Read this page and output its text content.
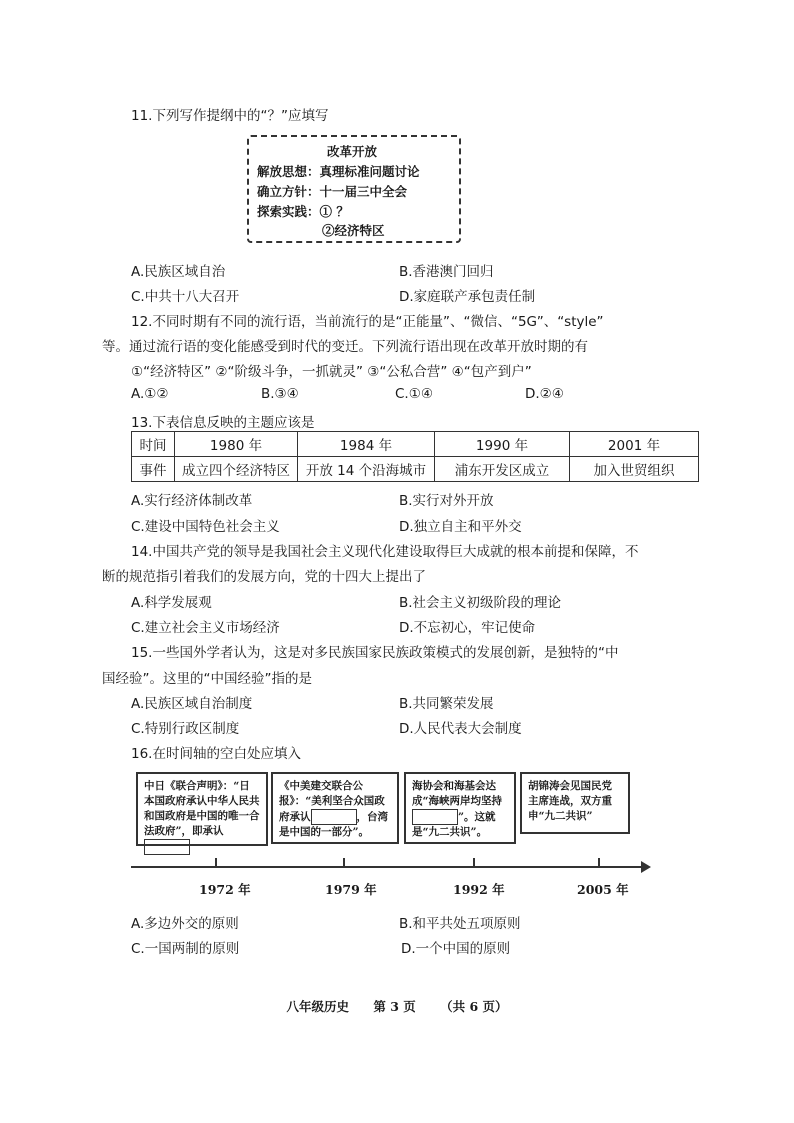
11.下列写作提纲中的“？”应填写
改革开放
解放思想：真理标准问题讨论
确立方针：十一届三中全会
探索实践：① ？
②经济特区
A.民族区域自治	B.香港澳门回归
C.中共十八大召开	D.家庭联产承包责任制
12.不同时期有不同的流行语，当前流行的是“正能量”、“微信、“5G”、“style”
等。通过流行语的变化能感受到时代的变迁。下列流行语出现在改革开放时期的有
①“经济特区” ②“阶级斗争，一抓就灵” ③“公私合营” ④“包产到户”
A.①②	B.③④	C.①④	D.②④
13.下表信息反映的主题应该是
时间	1980 年	1984 年	1990 年	2001 年
事件	成立四个经济特区	开放 14 个沿海城市	浦东开发区成立	加入世贸组织
A.实行经济体制改革	B.实行对外开放
C.建设中国特色社会主义	D.独立自主和平外交
14.中国共产党的领导是我国社会主义现代化建设取得巨大成就的根本前提和保障，不
断的规范指引着我们的发展方向，党的十四大上提出了
A.科学发展观	B.社会主义初级阶段的理论
C.建立社会主义市场经济	D.不忘初心，牢记使命
15.一些国外学者认为，这是对多民族国家民族政策模式的发展创新，是独特的“中
国经验”。这里的“中国经验”指的是
A.民族区域自治制度	B.共同繁荣发展
C.特别行政区制度	D.人民代表大会制度
16.在时间轴的空白处应填入
中日《联合声明》：“日本国政府承认中华人民共和国政府是中国的唯一合法政府”，即承认
《中美建交联合公报》：“美利坚合众国政府承认	，台湾是中国的一部分”。
海协会和海基会达成“海峡两岸均坚持”。这就是“九二共识”。
胡锦涛会见国民党主席连战，双方重申“九二共识”
1972 年	1979 年	1992 年	2005 年
A.多边外交的原则	B.和平共处五项原则
C.一国两制的原则	D.一个中国的原则
八年级历史 第 3 页 （共 6 页）
